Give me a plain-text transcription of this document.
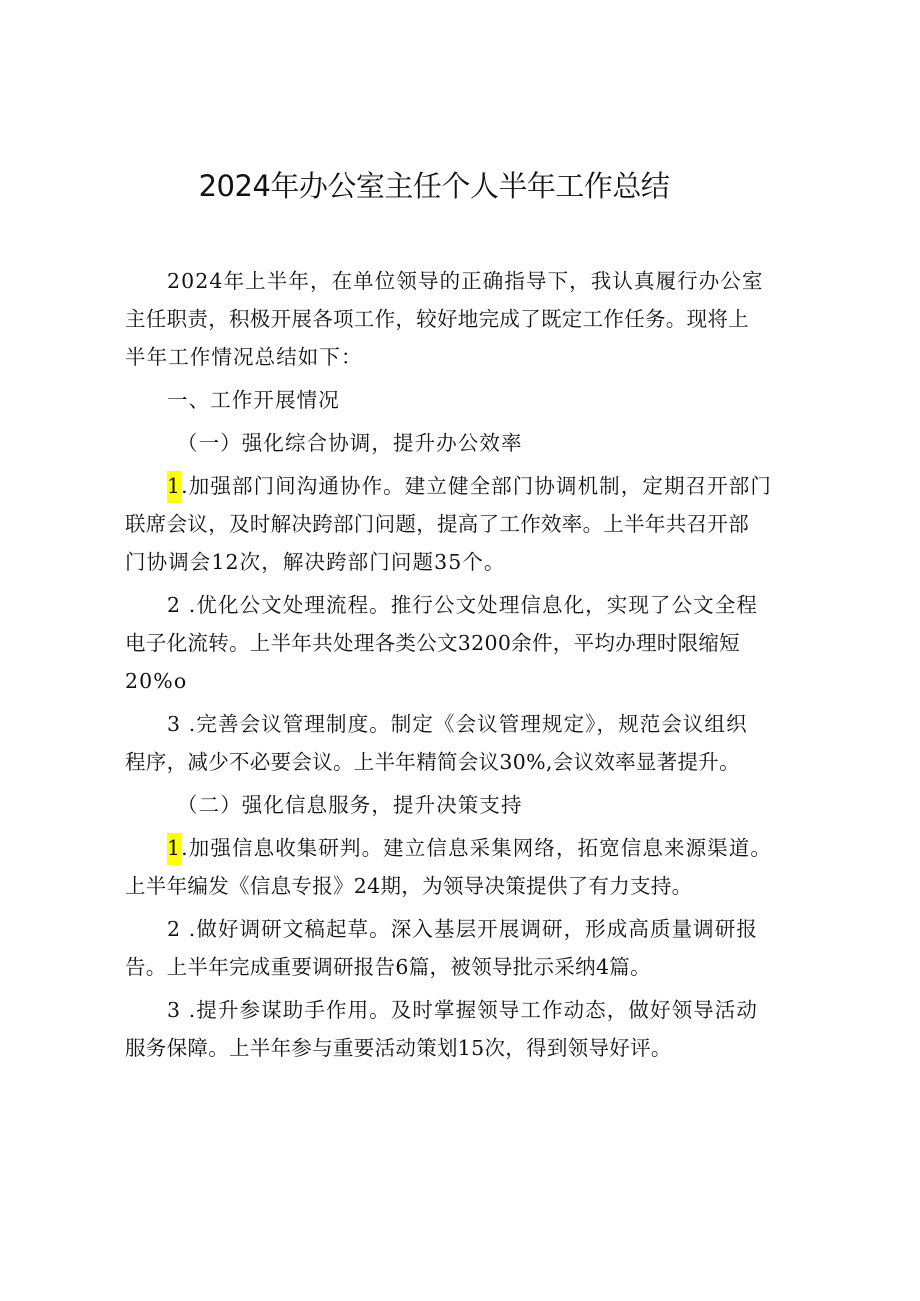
2024年办公室主任个人半年工作总结
2024年上半年，在单位领导的正确指导下，我认真履行办公室
主任职责，积极开展各项工作，较好地完成了既定工作任务。现将上
半年工作情况总结如下：
一、工作开展情况
（一）强化综合协调，提升办公效率
1.加强部门间沟通协作。建立健全部门协调机制，定期召开部门
联席会议，及时解决跨部门问题，提高了工作效率。上半年共召开部
门协调会12次，解决跨部门问题35个。
2 .优化公文处理流程。推行公文处理信息化，实现了公文全程
电子化流转。上半年共处理各类公文3200余件，平均办理时限缩短
20%o
3 .完善会议管理制度。制定《会议管理规定》，规范会议组织
程序，减少不必要会议。上半年精简会议30%,会议效率显著提升。
（二）强化信息服务，提升决策支持
1.加强信息收集研判。建立信息采集网络，拓宽信息来源渠道。
上半年编发《信息专报》24期，为领导决策提供了有力支持。
2 .做好调研文稿起草。深入基层开展调研，形成高质量调研报
告。上半年完成重要调研报告6篇，被领导批示采纳4篇。
3 .提升参谋助手作用。及时掌握领导工作动态，做好领导活动
服务保障。上半年参与重要活动策划15次，得到领导好评。
